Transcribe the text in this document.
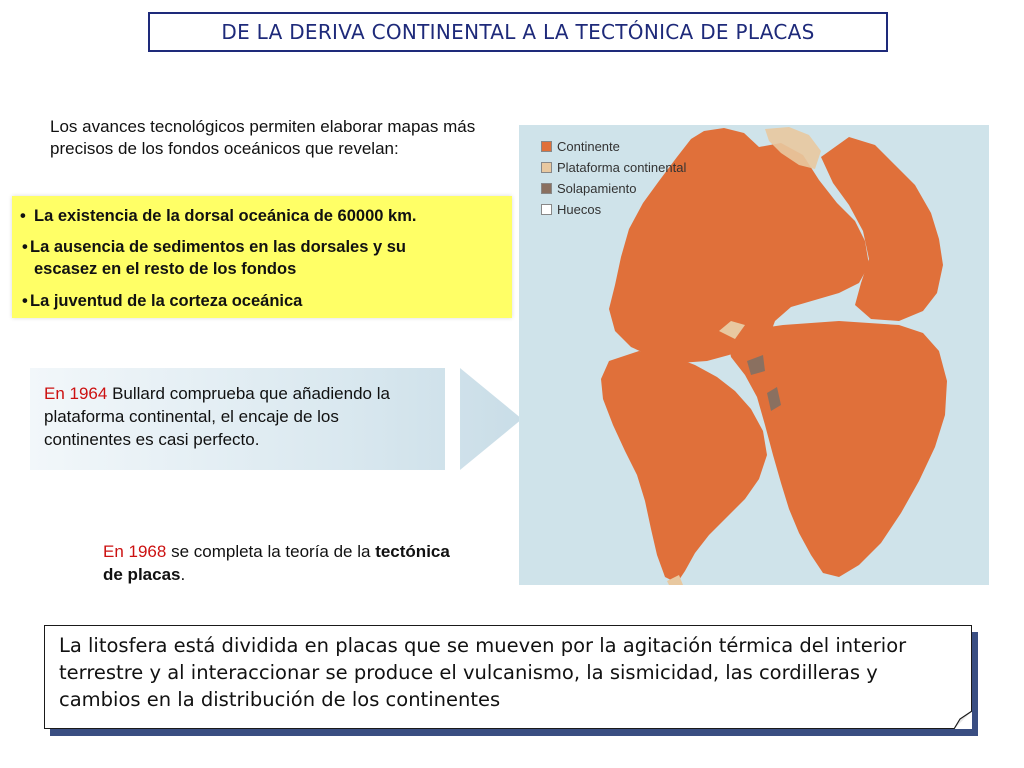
DE LA DERIVA CONTINENTAL A LA TECTÓNICA DE PLACAS
Los avances tecnológicos permiten elaborar mapas más precisos de los fondos oceánicos que revelan:
• La existencia de la dorsal oceánica de 60000 km.
• La ausencia de sedimentos en las dorsales y su
escasez en el resto de los fondos
• La juventud de la corteza oceánica
En 1964 Bullard comprueba que añadiendo la plataforma continental, el encaje de los continentes es casi perfecto.
Continente
Plataforma continental
Solapamiento
Huecos
En 1968 se completa la teoría de la tectónica de placas.

La litosfera está dividida en placas que se mueven por la agitación térmica del interior terrestre y al interaccionar se produce el vulcanismo, la sismicidad, las cordilleras y cambios en la distribución de los continentes
